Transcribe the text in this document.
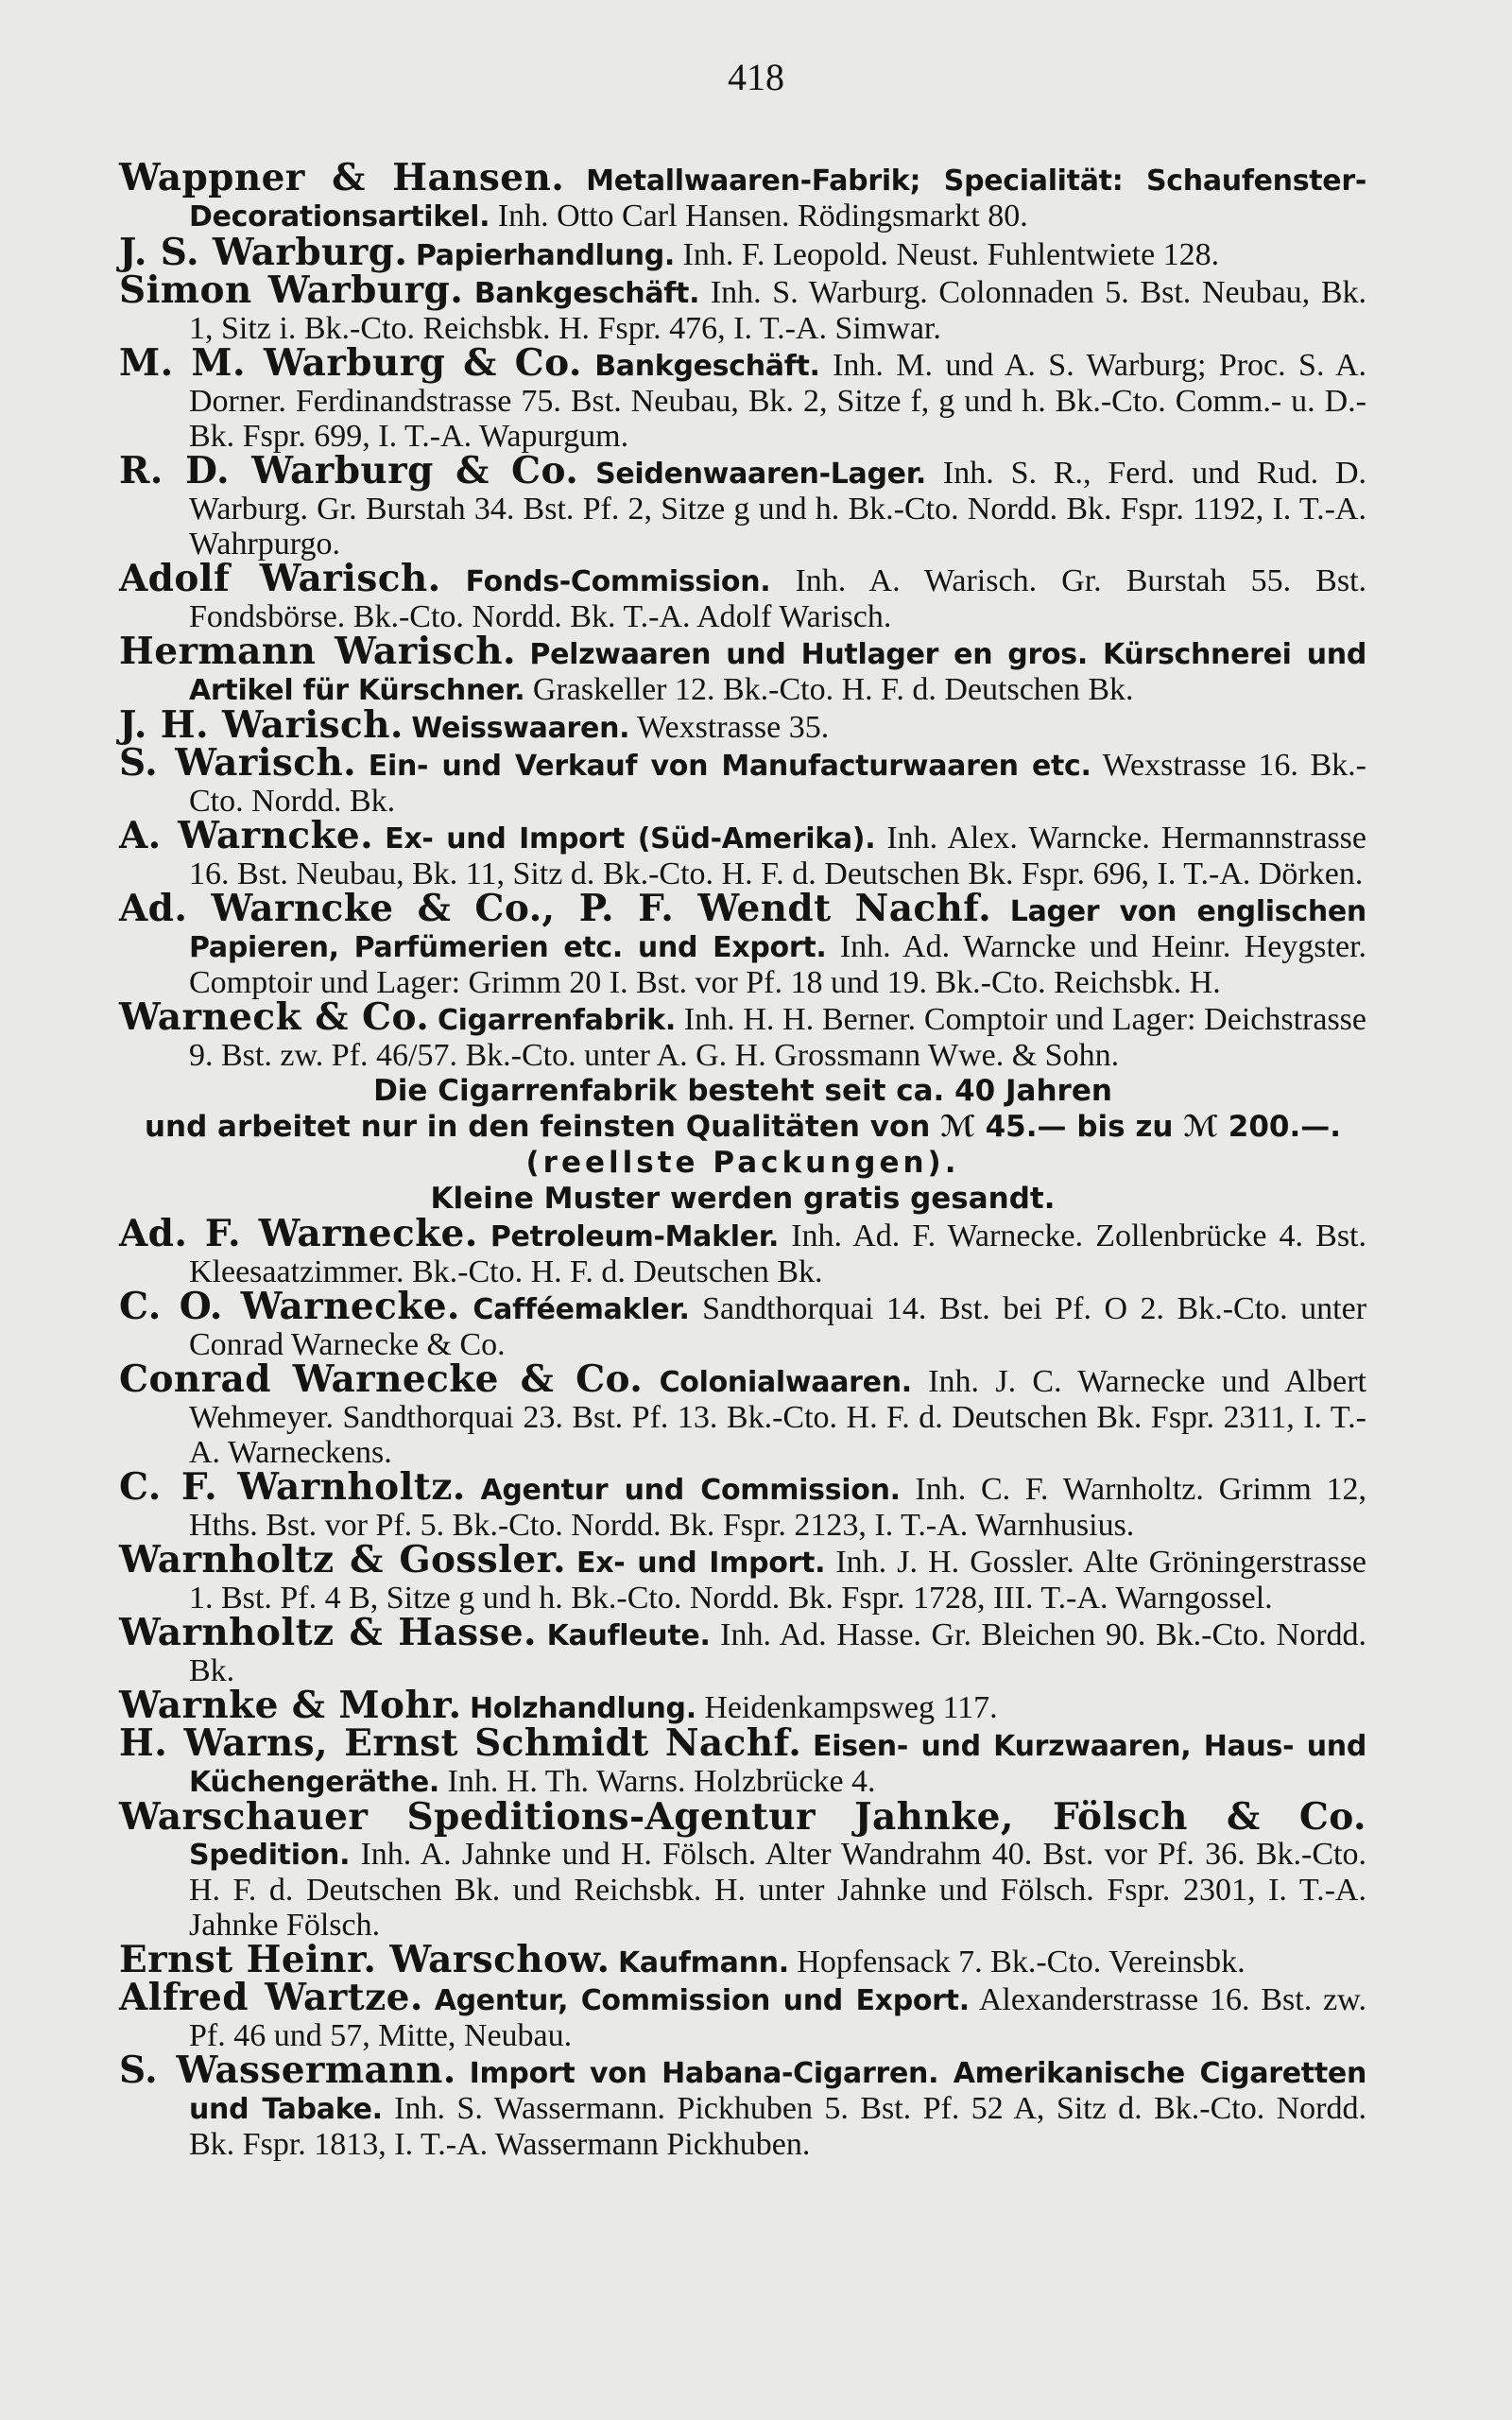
418

Wappner & Hansen. Metallwaaren-Fabrik; Specialität: Schaufenster-Decorationsartikel. Inh. Otto Carl Hansen. Rödingsmarkt 80.

J. S. Warburg. Papierhandlung. Inh. F. Leopold. Neust. Fuhlentwiete 128.

Simon Warburg. Bankgeschäft. Inh. S. Warburg. Colonnaden 5. Bst. Neubau, Bk. 1, Sitz i. Bk.-Cto. Reichsbk. H. Fspr. 476, I. T.-A. Simwar.

M. M. Warburg & Co. Bankgeschäft. Inh. M. und A. S. Warburg; Proc. S. A. Dorner. Ferdinandstrasse 75. Bst. Neubau, Bk. 2, Sitze f, g und h. Bk.-Cto. Comm.- u. D.-Bk. Fspr. 699, I. T.-A. Wapurgum.

R. D. Warburg & Co. Seidenwaaren-Lager. Inh. S. R., Ferd. und Rud. D. Warburg. Gr. Burstah 34. Bst. Pf. 2, Sitze g und h. Bk.-Cto. Nordd. Bk. Fspr. 1192, I. T.-A. Wahrpurgo.

Adolf Warisch. Fonds-Commission. Inh. A. Warisch. Gr. Burstah 55. Bst. Fondsbörse. Bk.-Cto. Nordd. Bk. T.-A. Adolf Warisch.

Hermann Warisch. Pelzwaaren und Hutlager en gros. Kürschnerei und Artikel für Kürschner. Graskeller 12. Bk.-Cto. H. F. d. Deutschen Bk.

J. H. Warisch. Weisswaaren. Wexstrasse 35.

S. Warisch. Ein- und Verkauf von Manufacturwaaren etc. Wexstrasse 16. Bk.-Cto. Nordd. Bk.

A. Warncke. Ex- und Import (Süd-Amerika). Inh. Alex. Warncke. Hermannstrasse 16. Bst. Neubau, Bk. 11, Sitz d. Bk.-Cto. H. F. d. Deutschen Bk. Fspr. 696, I. T.-A. Dörken.

Ad. Warncke & Co., P. F. Wendt Nachf. Lager von englischen Papieren, Parfümerien etc. und Export. Inh. Ad. Warncke und Heinr. Heygster. Comptoir und Lager: Grimm 20 I. Bst. vor Pf. 18 und 19. Bk.-Cto. Reichsbk. H.

Warneck & Co. Cigarrenfabrik. Inh. H. H. Berner. Comptoir und Lager: Deichstrasse 9. Bst. zw. Pf. 46/57. Bk.-Cto. unter A. G. H. Grossmann Wwe. & Sohn.

Die Cigarrenfabrik besteht seit ca. 40 Jahren
und arbeitet nur in den feinsten Qualitäten von ℳ 45.— bis zu ℳ 200.—.
(reellste Packungen).
Kleine Muster werden gratis gesandt.

Ad. F. Warnecke. Petroleum-Makler. Inh. Ad. F. Warnecke. Zollenbrücke 4. Bst. Kleesaatzimmer. Bk.-Cto. H. F. d. Deutschen Bk.

C. O. Warnecke. Cafféemakler. Sandthorquai 14. Bst. bei Pf. O 2. Bk.-Cto. unter Conrad Warnecke & Co.

Conrad Warnecke & Co. Colonialwaaren. Inh. J. C. Warnecke und Albert Wehmeyer. Sandthorquai 23. Bst. Pf. 13. Bk.-Cto. H. F. d. Deutschen Bk. Fspr. 2311, I. T.-A. Warneckens.

C. F. Warnholtz. Agentur und Commission. Inh. C. F. Warnholtz. Grimm 12, Hths. Bst. vor Pf. 5. Bk.-Cto. Nordd. Bk. Fspr. 2123, I. T.-A. Warnhusius.

Warnholtz & Gossler. Ex- und Import. Inh. J. H. Gossler. Alte Gröningerstrasse 1. Bst. Pf. 4 B, Sitze g und h. Bk.-Cto. Nordd. Bk. Fspr. 1728, III. T.-A. Warngossel.

Warnholtz & Hasse. Kaufleute. Inh. Ad. Hasse. Gr. Bleichen 90. Bk.-Cto. Nordd. Bk.

Warnke & Mohr. Holzhandlung. Heidenkampsweg 117.

H. Warns, Ernst Schmidt Nachf. Eisen- und Kurzwaaren, Haus- und Küchengeräthe. Inh. H. Th. Warns. Holzbrücke 4.

Warschauer Speditions-Agentur Jahnke, Fölsch & Co. Spedition. Inh. A. Jahnke und H. Fölsch. Alter Wandrahm 40. Bst. vor Pf. 36. Bk.-Cto. H. F. d. Deutschen Bk. und Reichsbk. H. unter Jahnke und Fölsch. Fspr. 2301, I. T.-A. Jahnke Fölsch.

Ernst Heinr. Warschow. Kaufmann. Hopfensack 7. Bk.-Cto. Vereinsbk.

Alfred Wartze. Agentur, Commission und Export. Alexanderstrasse 16. Bst. zw. Pf. 46 und 57, Mitte, Neubau.

S. Wassermann. Import von Habana-Cigarren. Amerikanische Cigaretten und Tabake. Inh. S. Wassermann. Pickhuben 5. Bst. Pf. 52 A, Sitz d. Bk.-Cto. Nordd. Bk. Fspr. 1813, I. T.-A. Wassermann Pickhuben.
